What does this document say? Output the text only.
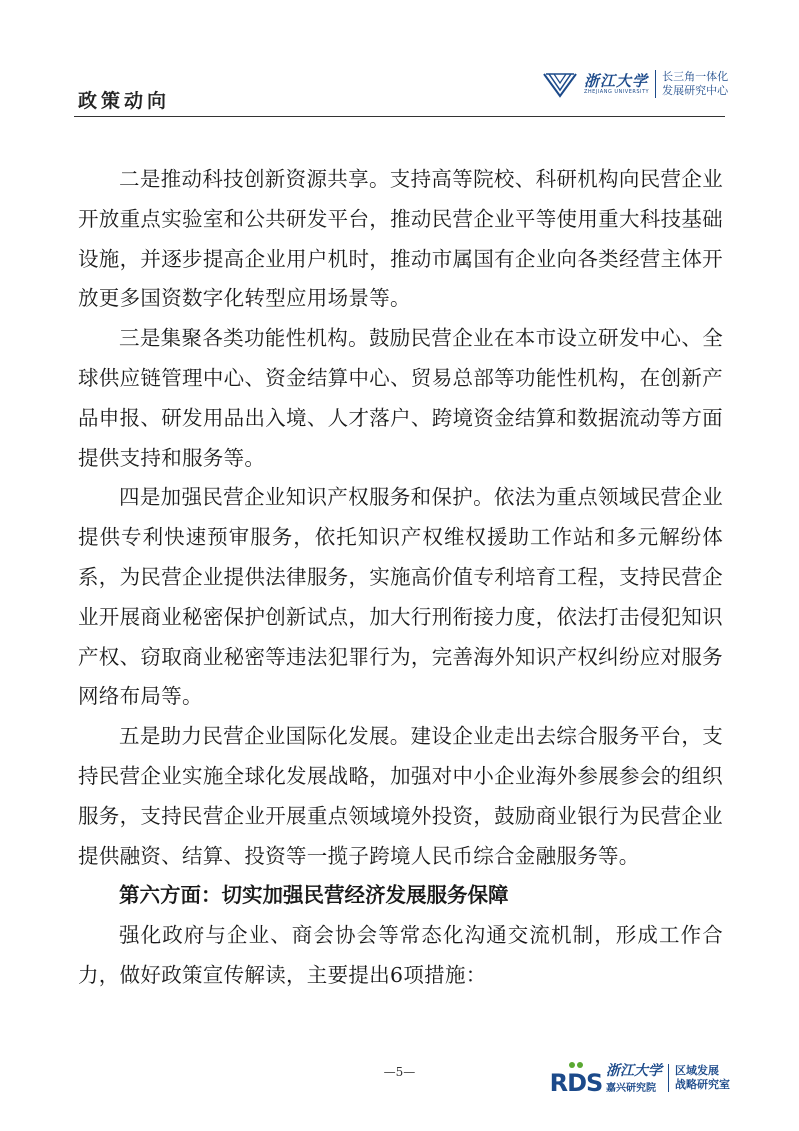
政策动向
浙江大学
ZHEJIANG UNIVERSITY
长三角一体化
发展研究中心

二是推动科技创新资源共享。支持高等院校、科研机构向民营企业开放重点实验室和公共研发平台，推动民营企业平等使用重大科技基础设施，并逐步提高企业用户机时，推动市属国有企业向各类经营主体开放更多国资数字化转型应用场景等。

三是集聚各类功能性机构。鼓励民营企业在本市设立研发中心、全球供应链管理中心、资金结算中心、贸易总部等功能性机构，在创新产品申报、研发用品出入境、人才落户、跨境资金结算和数据流动等方面提供支持和服务等。

四是加强民营企业知识产权服务和保护。依法为重点领域民营企业提供专利快速预审服务，依托知识产权维权援助工作站和多元解纷体系，为民营企业提供法律服务，实施高价值专利培育工程，支持民营企业开展商业秘密保护创新试点，加大行刑衔接力度，依法打击侵犯知识产权、窃取商业秘密等违法犯罪行为，完善海外知识产权纠纷应对服务网络布局等。

五是助力民营企业国际化发展。建设企业走出去综合服务平台，支持民营企业实施全球化发展战略，加强对中小企业海外参展参会的组织服务，支持民营企业开展重点领域境外投资，鼓励商业银行为民营企业提供融资、结算、投资等一揽子跨境人民币综合金融服务等。

第六方面：切实加强民营经济发展服务保障

强化政府与企业、商会协会等常态化沟通交流机制，形成工作合力，做好政策宣传解读，主要提出6项措施：

—5—	RDS 浙江大学
嘉兴研究院
区域发展
战略研究室
